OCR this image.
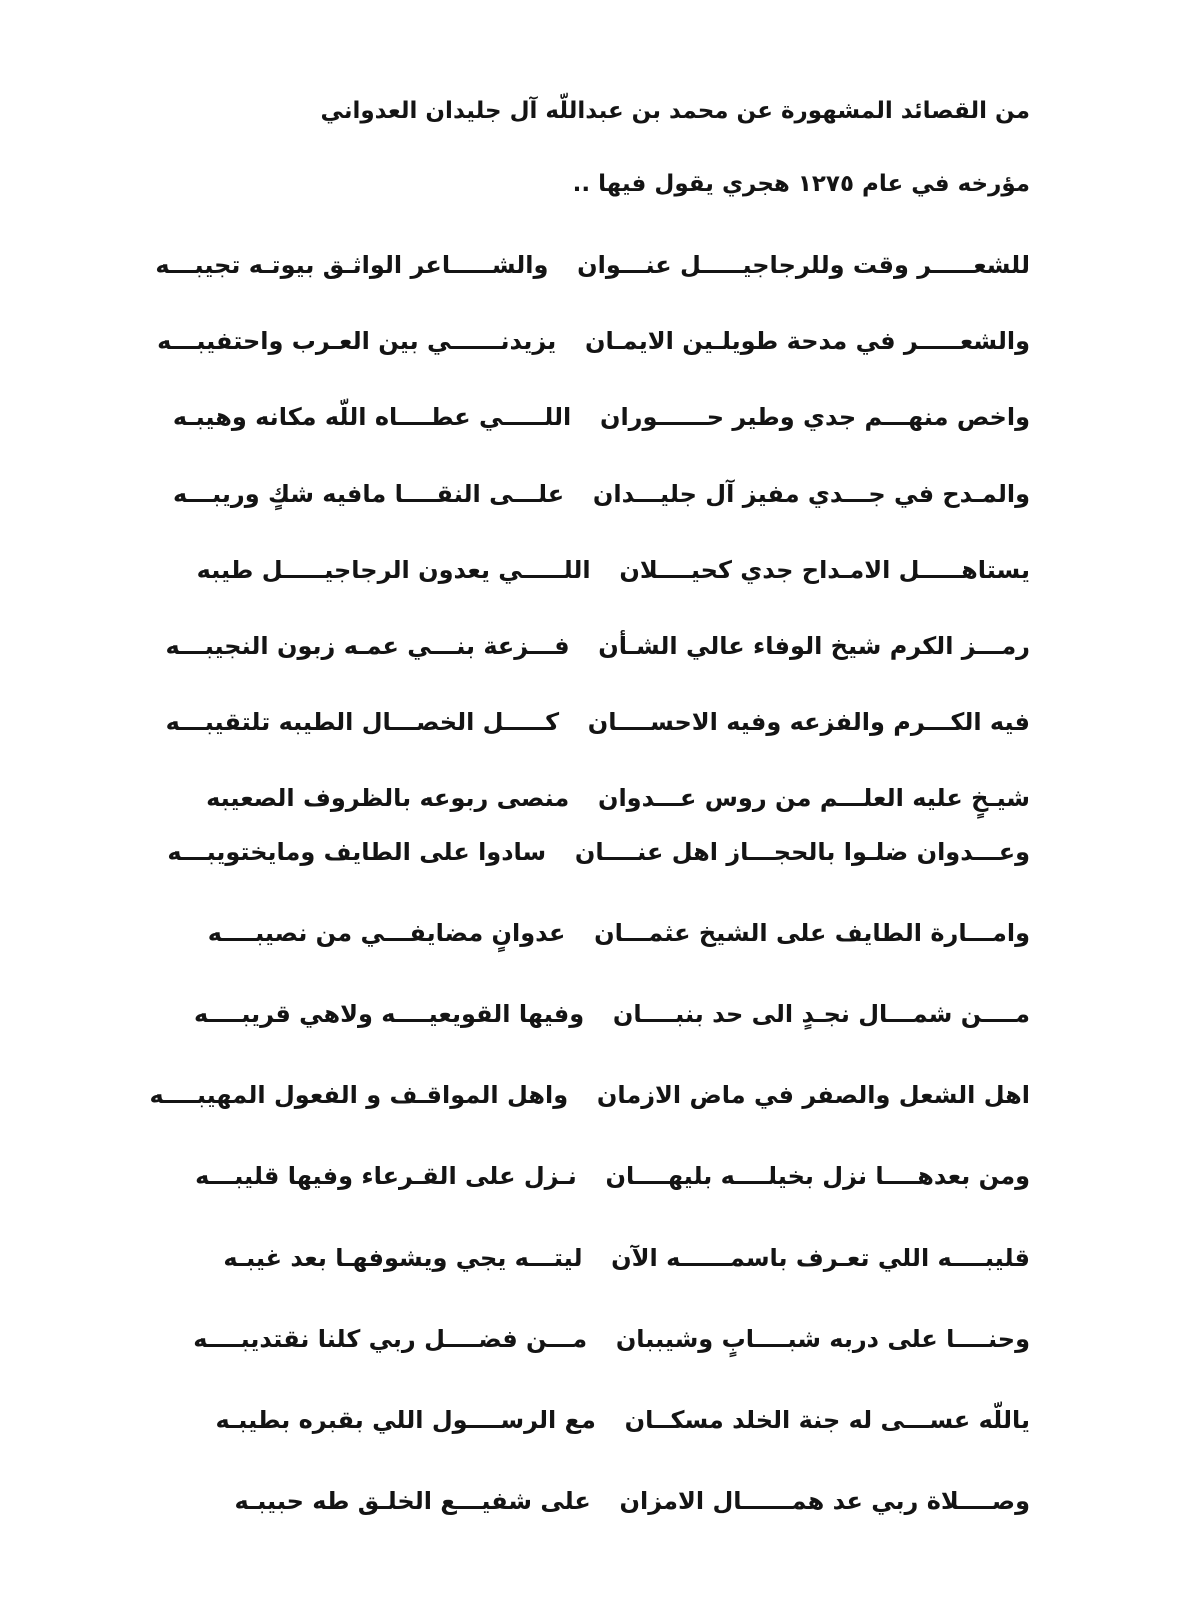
من القصائد المشهورة عن محمد بن عبداللّه آل جليدان العدواني

مؤرخه في عام ١٢٧٥ هجري يقول فيها ..

للشعـــــر وقت وللرجاجيـــــل عنـــوان
والشـــــاعر الواثـق بيوتـه تجيبـــه
والشعـــــر في مدحة طويلـين الايمـان
يزيدنــــــي بين العـرب واحتفيبـــه
واخص منهـــم جدي وطير حــــــوران
اللـــــي عطــــاه اللّه مكانه وهيبـه
والمـدح في جـــدي مفيز آل جليـــدان
علـــى النقــــا مافيه شكٍ وريبـــه
يستاهـــــل الامـداح جدي كحيــــلان
اللـــــي يعدون الرجاجيـــــل طيبه
رمـــز الكرم شيخ الوفاء عالي الشـأن
فـــزعة بنـــي عمـه زبون النجيبـــه
فيه الكـــرم والفزعه وفيه الاحســــان
كـــــل الخصـــال الطيبه تلتقيبـــه
شيـخٍ عليه العلـــم من روس عـــدوان
منصى ربوعه بالظروف الصعيبه
وعـــدوان ضلـوا بالحجـــاز اهل عنــــان
سادوا على الطايف ومايختويبـــه
وامـــارة الطايف على الشيخ عثمـــان
عدوانٍ مضايفـــي من نصيبــــه
مــــن شمـــال نجـدٍ الى حد بنبــــان
وفيها القويعيــــه ولاهي قريبــــه
اهل الشعل والصفر في ماض الازمان
واهل المواقـف و الفعول المهيبــــه
ومن بعدهــــا نزل بخيلــــه بليهــــان
نـزل على القـرعاء وفيها قليبـــه
قليبــــه اللي تعـرف باسمــــــه الآن
ليتـــه يجي ويشوفهـا بعد غيبـه
وحنــــا على دربه شبــــابٍ وشيببان
مـــن فضــــل ربي كلنا نقتديبــــه
ياللّه عســـى له جنة الخلد مسكــان
مع الرســــول اللي بقبره بطيبـه
وصــــلاة ربي عد همــــــال الامزان
على شفيـــع الخلـق طه حبيبـه
